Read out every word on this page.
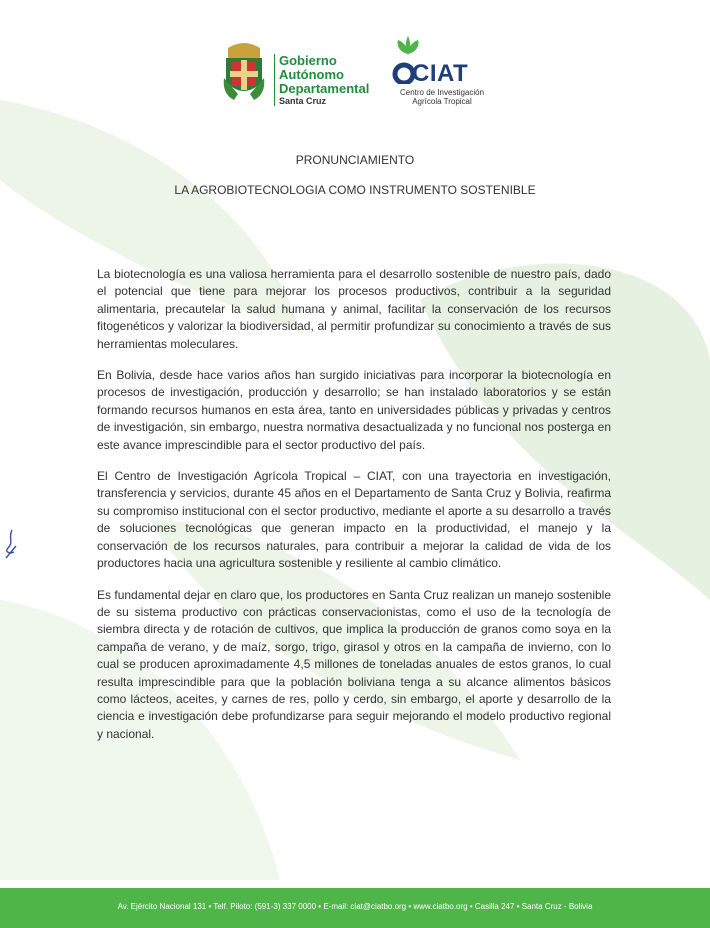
Gobierno
Autónomo
Departamental
Santa Cruz
CIAT
Centro de Investigación
Agrícola Tropical
PRONUNCIAMIENTO
LA AGROBIOTECNOLOGIA COMO INSTRUMENTO SOSTENIBLE

La biotecnología es una valiosa herramienta para el desarrollo sostenible de nuestro país, dado el potencial que tiene para mejorar los procesos productivos, contribuir a la seguridad alimentaria, precautelar la salud humana y animal, facilitar la conservación de los recursos fitogenéticos y valorizar la biodiversidad, al permitir profundizar su conocimiento a través de sus herramientas moleculares.

En Bolivia, desde hace varios años han surgido iniciativas para incorporar la biotecnología en procesos de investigación, producción y desarrollo; se han instalado laboratorios y se están formando recursos humanos en esta área, tanto en universidades públicas y privadas y centros de investigación, sin embargo, nuestra normativa desactualizada y no funcional nos posterga en este avance imprescindible para el sector productivo del país.

El Centro de Investigación Agrícola Tropical – CIAT, con una trayectoria en investigación, transferencia y servicios, durante 45 años en el Departamento de Santa Cruz y Bolivia, reafirma su compromiso institucional con el sector productivo, mediante el aporte a su desarrollo a través de soluciones tecnológicas que generan impacto en la productividad, el manejo y la conservación de los recursos naturales, para contribuir a mejorar la calidad de vida de los productores hacia una agricultura sostenible y resiliente al cambio climático.

Es fundamental dejar en claro que, los productores en Santa Cruz realizan un manejo sostenible de su sistema productivo con prácticas conservacionistas, como el uso de la tecnología de siembra directa y de rotación de cultivos, que implica la producción de granos como soya en la campaña de verano, y de maíz, sorgo, trigo, girasol y otros en la campaña de invierno, con lo cual se producen aproximadamente 4,5 millones de toneladas anuales de estos granos, lo cual resulta imprescindible para que la población boliviana tenga a su alcance alimentos básicos como lácteos, aceites, y carnes de res, pollo y cerdo, sin embargo, el aporte y desarrollo de la ciencia e investigación debe profundizarse para seguir mejorando el modelo productivo regional y nacional.

Av. Ejército Nacional 131 • Telf. Piloto: (591-3) 337 0000 • E-mail: ciat@ciatbo.org • www.ciatbo.org • Casilla 247 • Santa Cruz - Bolivia
